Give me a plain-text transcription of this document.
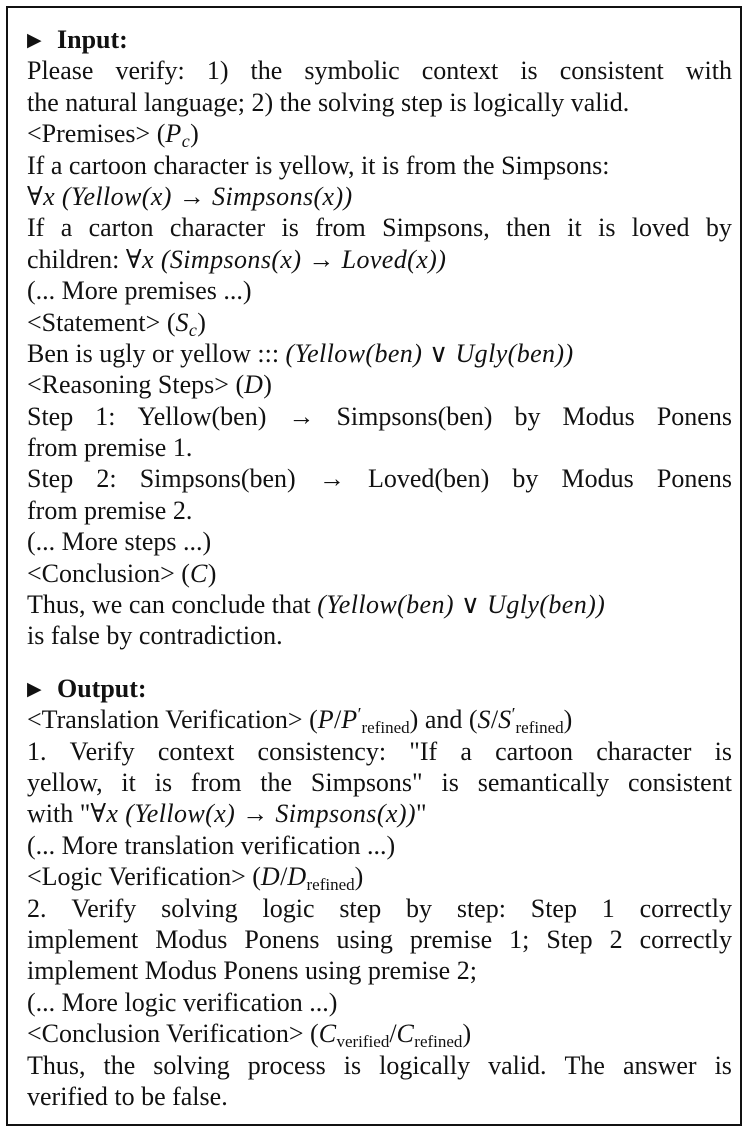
▶ Input:
Please verify: 1) the symbolic context is consistent with
the natural language; 2) the solving step is logically valid.
<Premises> $(P_c)$
If a cartoon character is yellow, it is from the Simpsons:
∀x (Yellow(x) → Simpsons(x))
If a carton character is from Simpsons, then it is loved by
children: ∀x (Simpsons(x) → Loved(x))
(... More premises ...)
<Statement> $(S_c)$
Ben is ugly or yellow ::: (Yellow(ben) ∨ Ugly(ben))
<Reasoning Steps> (D)
Step 1: Yellow(ben) → Simpsons(ben) by Modus Ponens
from premise 1.
Step 2: Simpsons(ben) → Loved(ben) by Modus Ponens
from premise 2.
(... More steps ...)
<Conclusion> (C)
Thus, we can conclude that (Yellow(ben) ∨ Ugly(ben))
is false by contradiction.
▶ Output:
<Translation Verification> $(P/P'_{refined})$ and $(S/S'_{refined})$
1. Verify context consistency: "If a cartoon character is
yellow, it is from the Simpsons" is semantically consistent
with "∀x (Yellow(x) → Simpsons(x))"
(... More translation verification ...)
<Logic Verification> $(D/D_{refined})$
2. Verify solving logic step by step: Step 1 correctly
implement Modus Ponens using premise 1; Step 2 correctly
implement Modus Ponens using premise 2;
(... More logic verification ...)
<Conclusion Verification> $(C_{verified}/C_{refined})$
Thus, the solving process is logically valid. The answer is
verified to be false.
